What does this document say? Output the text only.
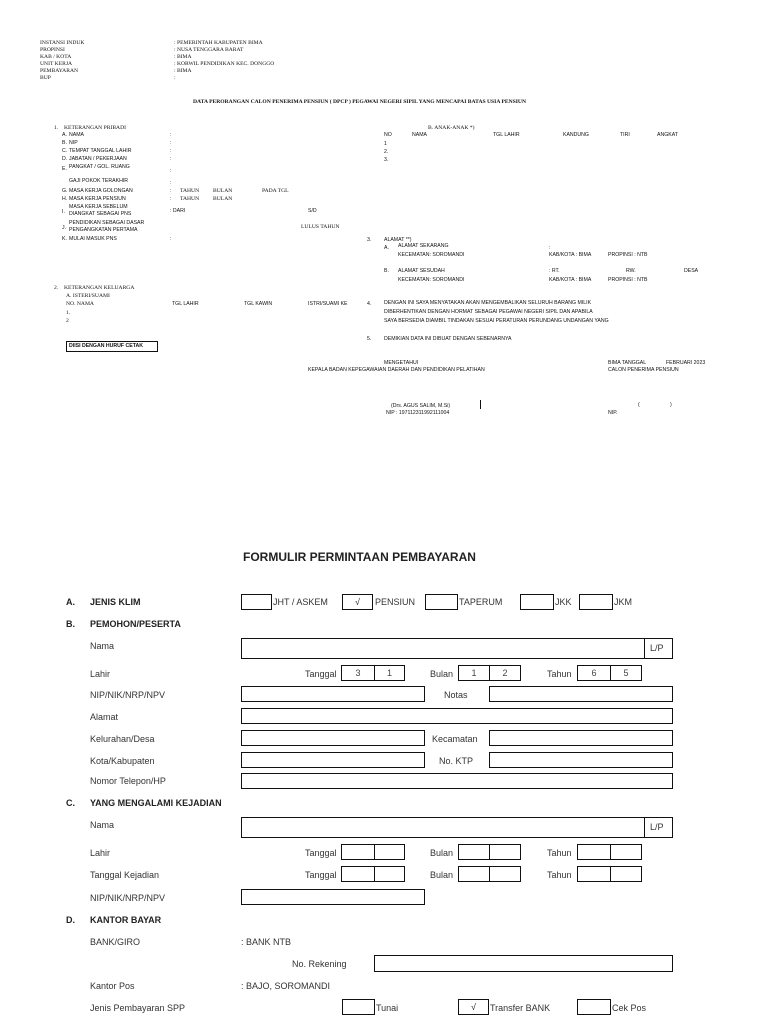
INSTANSI INDUK	: PEMERINTAH KABUPATEN BIMA
PROPINSI	: NUSA TENGGARA BARAT
KAB / KOTA	: BIMA
UNIT KERJA	: KORWIL PENDIDIKAN KEC. DONGGO
PEMBAYARAN	: BIMA
BUP	:
DATA PERORANGAN CALON PENERIMA PENSIUN ( DPCP ) PEGAWAI NEGERI SIPIL YANG MENCAPAI BATAS USIA PENSIUN
1. KETERANGAN PRIBADI
A. NAMA	:
B. NIP	:
C. TEMPAT TANGGAL LAHIR	:
D. JABATAN / PEKERJAAN	:
E. PANGKAT / GOL. RUANG
:
GAJI POKOK TERAKHIR	:
G. MASA KERJA GOLONGAN	: TAHUN BULAN	PADA TGL
H. MASA KERJA PENSIUN	: TAHUN BULAN
I.
MASA KERJA SEBELUM
DIANGKAT SEBAGAI PNS	: DARI	S/D
J.
PENDIDIKAN SEBAGAI DASAR
PENGANGKATAN PERTAMA	LULUS TAHUN
K. MULAI MASUK PNS	:
B. ANAK-ANAK *)
NO	NAMA	TGL LAHIR	KANDUNG	TIRI	ANGKAT
1
2.
3.
2. KETERANGAN KELUARGA
A. ISTERI/SUAMI
NO. NAMA	TGL LAHIR	TGL KAWIN	ISTRI/SUAMI KE
1.
2
DIISI DENGAN HURUF CETAK
3. ALAMAT **)
A. ALAMAT SEKARANG	:
KECEMATAN: SOROMANDI	KAB/KOTA : BIMA	PROPINSI : NTB
B. ALAMAT SESUDAH	: RT.	RW.	DESA
KECEMATAN: SOROMANDI	KAB/KOTA : BIMA	PROPINSI : NTB
4. DENGAN INI SAYA MENYATAKAN AKAN MENGEMBALIKAN SELURUH BARANG MILIK
DIBERHENTIKAN DENGAN HORMAT SEBAGAI PEGAWAI NEGERI SIPIL DAN APABILA
SAYA BERSEDIA DIAMBIL TINDAKAN SESUAI PERATURAN PERUNDANG UNDANGAN YANG
5. DEMIKIAN DATA INI DIBUAT DENGAN SEBENARNYA
MENGETAHUI
KEPALA BADAN KEPEGAWAIAN DAERAH DAN PENDIDIKAN PELATIHAN
BIMA TANGGAL	FEBRUARI 2023
CALON PENERIMA PENSIUN
(Drs. AGUS SALIM, M.Si)
NIP : 197112311992111004
(	)
NIP.
FORMULIR PERMINTAAN PEMBAYARAN
A. JENIS KLIM	JHT / ASKEM	√	PENSIUN	TAPERUM	JKK	JKM
B. PEMOHON/PESERTA
Nama	L/P
Lahir	Tanggal	3	1	Bulan	1	2	Tahun	6	5
NIP/NIK/NRP/NPV	Notas
Alamat
Kelurahan/Desa	Kecamatan
Kota/Kabupaten	No. KTP
Nomor Telepon/HP
C. YANG MENGALAMI KEJADIAN
Nama	L/P
Lahir	Tanggal	Bulan	Tahun
Tanggal Kejadian	Tanggal	Bulan	Tahun
NIP/NIK/NRP/NPV
D. KANTOR BAYAR
BANK/GIRO	: BANK NTB
No. Rekening
Kantor Pos	: BAJO, SOROMANDI
Jenis Pembayaran SPP	Tunai	√	Transfer BANK	Cek Pos
